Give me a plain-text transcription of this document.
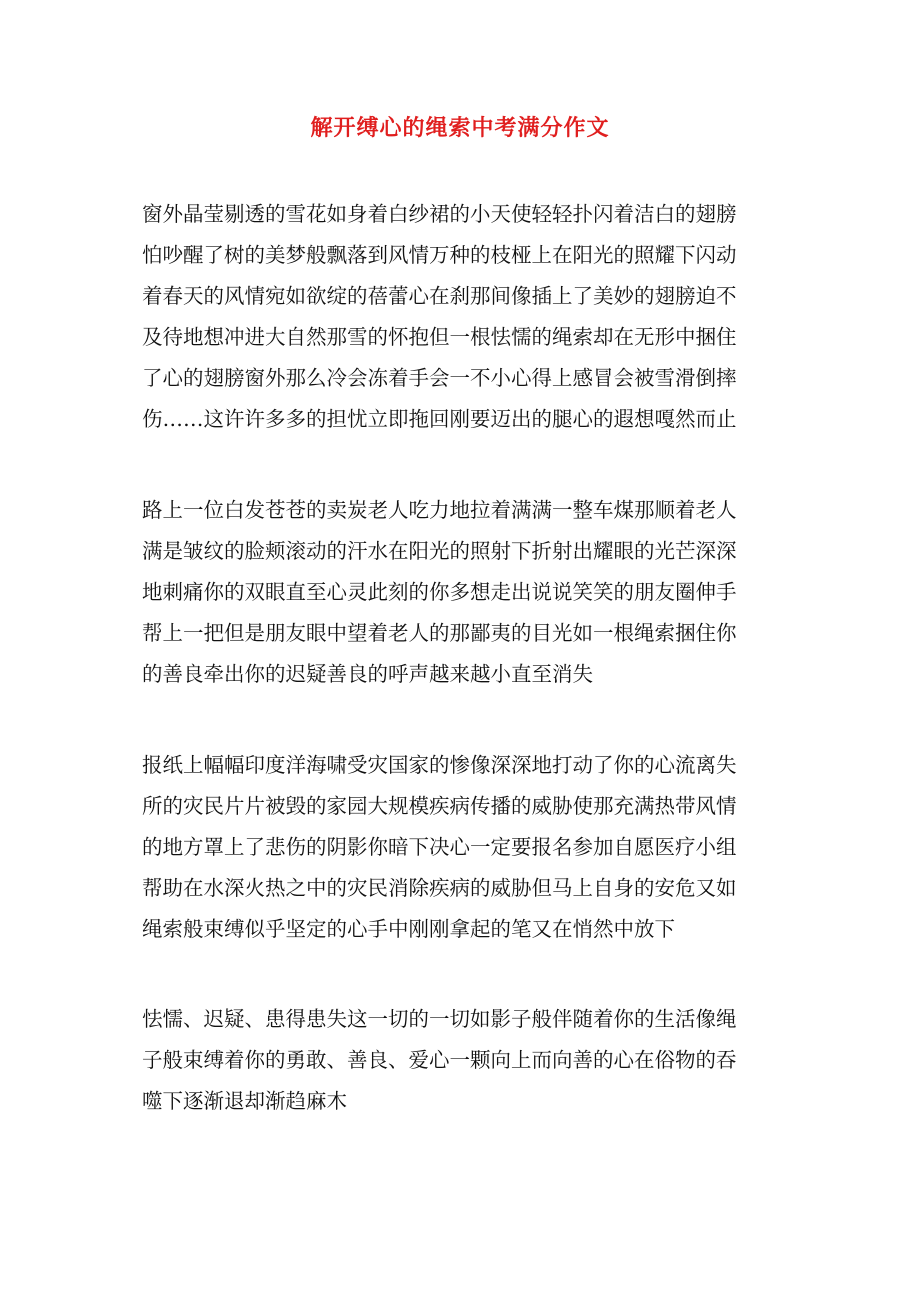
解开缚心的绳索中考满分作文
窗外晶莹剔透的雪花如身着白纱裙的小天使轻轻扑闪着洁白的翅膀
怕吵醒了树的美梦般飘落到风情万种的枝桠上在阳光的照耀下闪动
着春天的风情宛如欲绽的蓓蕾心在刹那间像插上了美妙的翅膀迫不
及待地想冲进大自然那雪的怀抱但一根怯懦的绳索却在无形中捆住
了心的翅膀窗外那么冷会冻着手会一不小心得上感冒会被雪滑倒摔
伤……这许许多多的担忧立即拖回刚要迈出的腿心的遐想嘎然而止
路上一位白发苍苍的卖炭老人吃力地拉着满满一整车煤那顺着老人
满是皱纹的脸颊滚动的汗水在阳光的照射下折射出耀眼的光芒深深
地刺痛你的双眼直至心灵此刻的你多想走出说说笑笑的朋友圈伸手
帮上一把但是朋友眼中望着老人的那鄙夷的目光如一根绳索捆住你
的善良牵出你的迟疑善良的呼声越来越小直至消失
报纸上幅幅印度洋海啸受灾国家的惨像深深地打动了你的心流离失
所的灾民片片被毁的家园大规模疾病传播的威胁使那充满热带风情
的地方罩上了悲伤的阴影你暗下决心一定要报名参加自愿医疗小组
帮助在水深火热之中的灾民消除疾病的威胁但马上自身的安危又如
绳索般束缚似乎坚定的心手中刚刚拿起的笔又在悄然中放下
怯懦、迟疑、患得患失这一切的一切如影子般伴随着你的生活像绳
子般束缚着你的勇敢、善良、爱心一颗向上而向善的心在俗物的吞
噬下逐渐退却渐趋麻木
